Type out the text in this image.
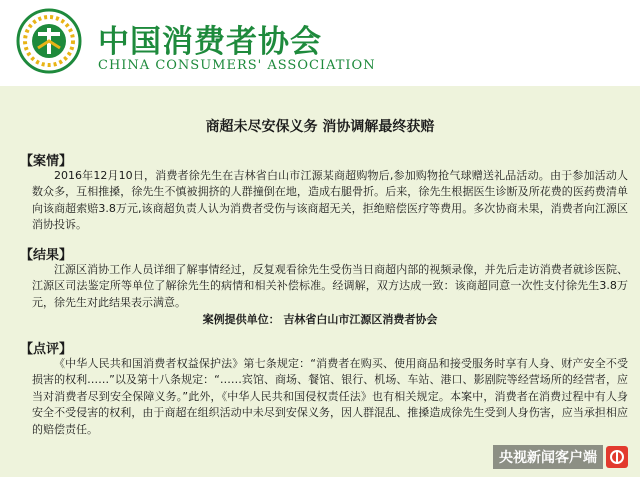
中国消费者协会
CHINA CONSUMERS' ASSOCIATION
商超未尽安保义务 消协调解最终获赔
【案情】
2016年12月10日，消费者徐先生在吉林省白山市江源某商超购物后,参加购物抢气球赠送礼品活动。由于参加活动人数众多，互相推搡，徐先生不慎被拥挤的人群撞倒在地，造成右腿骨折。后来，徐先生根据医生诊断及所花费的医药费清单向该商超索赔3.8万元,该商超负责人认为消费者受伤与该商超无关，拒绝赔偿医疗等费用。多次协商未果，消费者向江源区消协投诉。
【结果】
江源区消协工作人员详细了解事情经过，反复观看徐先生受伤当日商超内部的视频录像，并先后走访消费者就诊医院、江源区司法鉴定所等单位了解徐先生的病情和相关补偿标准。经调解，双方达成一致：该商超同意一次性支付徐先生3.8万元，徐先生对此结果表示满意。
案例提供单位： 吉林省白山市江源区消费者协会
【点评】
《中华人民共和国消费者权益保护法》第七条规定：“消费者在购买、使用商品和接受服务时享有人身、财产安全不受损害的权利……”以及第十八条规定：“……宾馆、商场、餐馆、银行、机场、车站、港口、影剧院等经营场所的经营者，应当对消费者尽到安全保障义务。”此外，《中华人民共和国侵权责任法》也有相关规定。本案中，消费者在消费过程中有人身安全不受侵害的权利，由于商超在组织活动中未尽到安保义务，因人群混乱、推搡造成徐先生受到人身伤害，应当承担相应的赔偿责任。
央视新闻客户端
